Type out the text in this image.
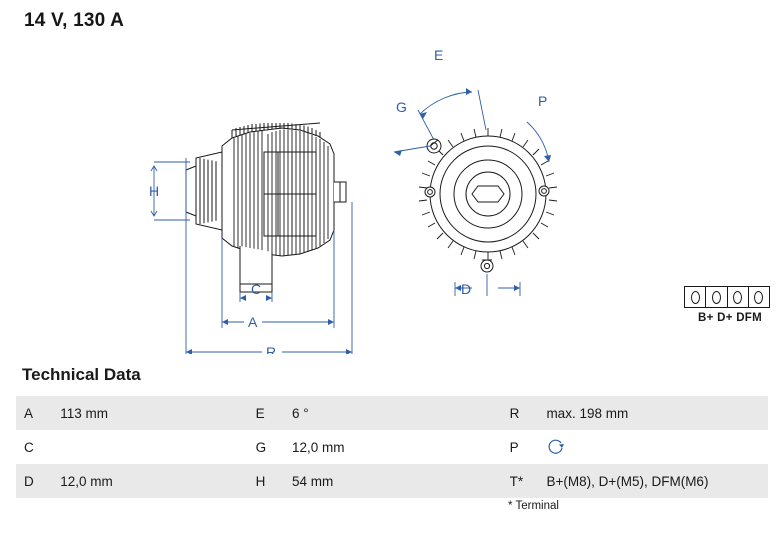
14 V, 130 A
H
C
A
R
E
G	P
D
B+ D+ DFM
Technical Data
A	113 mm	E	6 °	R	max. 198 mm
C		G	12,0 mm	P	
D	12,0 mm	H	54 mm	T*	B+(M8), D+(M5), DFM(M6)
* Terminal
